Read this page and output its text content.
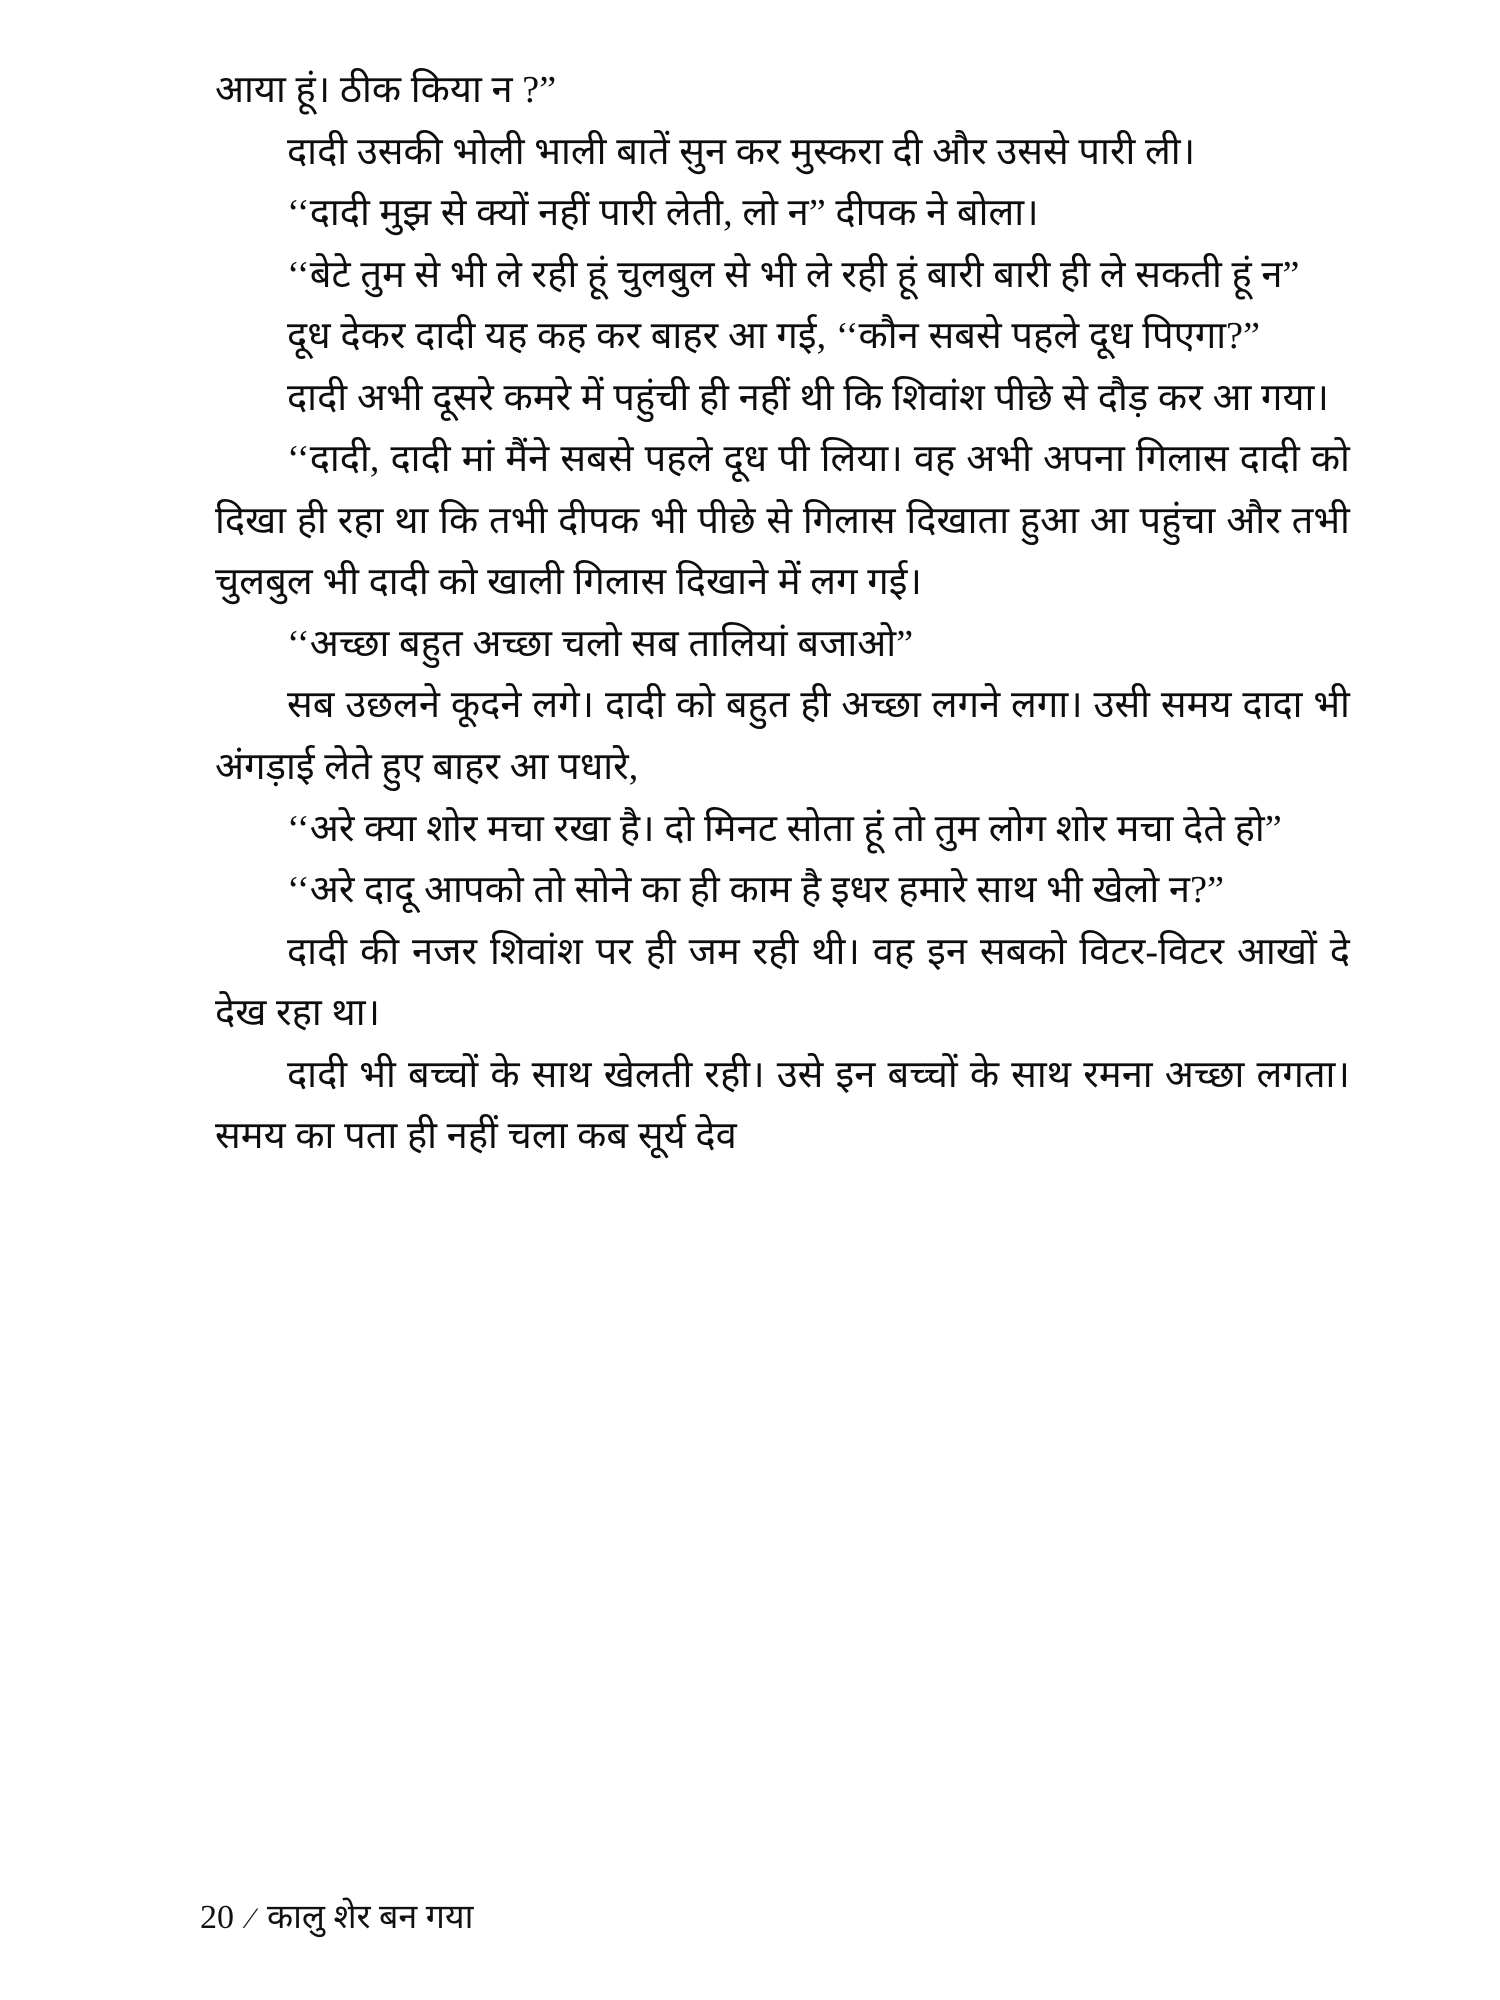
आया हूं। ठीक किया न ?”

दादी उसकी भोली भाली बातें सुन कर मुस्करा दी और उससे पारी ली।

‘‘दादी मुझ से क्यों नहीं पारी लेती, लो न” दीपक ने बोला।

‘‘बेटे तुम से भी ले रही हूं चुलबुल से भी ले रही हूं बारी बारी ही ले सकती हूं न”

दूध देकर दादी यह कह कर बाहर आ गई, ‘‘कौन सबसे पहले दूध पिएगा?”

दादी अभी दूसरे कमरे में पहुंची ही नहीं थी कि शिवांश पीछे से दौड़ कर आ गया।

‘‘दादी, दादी मां मैंने सबसे पहले दूध पी लिया। वह अभी अपना गिलास दादी को दिखा ही रहा था कि तभी दीपक भी पीछे से गिलास दिखाता हुआ आ पहुंचा और तभी चुलबुल भी दादी को खाली गिलास दिखाने में लग गई।

‘‘अच्छा बहुत अच्छा चलो सब तालियां बजाओ”

सब उछलने कूदने लगे। दादी को बहुत ही अच्छा लगने लगा। उसी समय दादा भी अंगड़ाई लेते हुए बाहर आ पधारे,

‘‘अरे क्या शोर मचा रखा है। दो मिनट सोता हूं तो तुम लोग शोर मचा देते हो”

‘‘अरे दादू आपको तो सोने का ही काम है इधर हमारे साथ भी खेलो न?”

दादी की नजर शिवांश पर ही जम रही थी। वह इन सबको विटर-विटर आखों दे देख रहा था।

दादी भी बच्चों के साथ खेलती रही। उसे इन बच्चों के साथ रमना अच्छा लगता। समय का पता ही नहीं चला कब सूर्य देव

20 ⁄ कालु शेर बन गया
